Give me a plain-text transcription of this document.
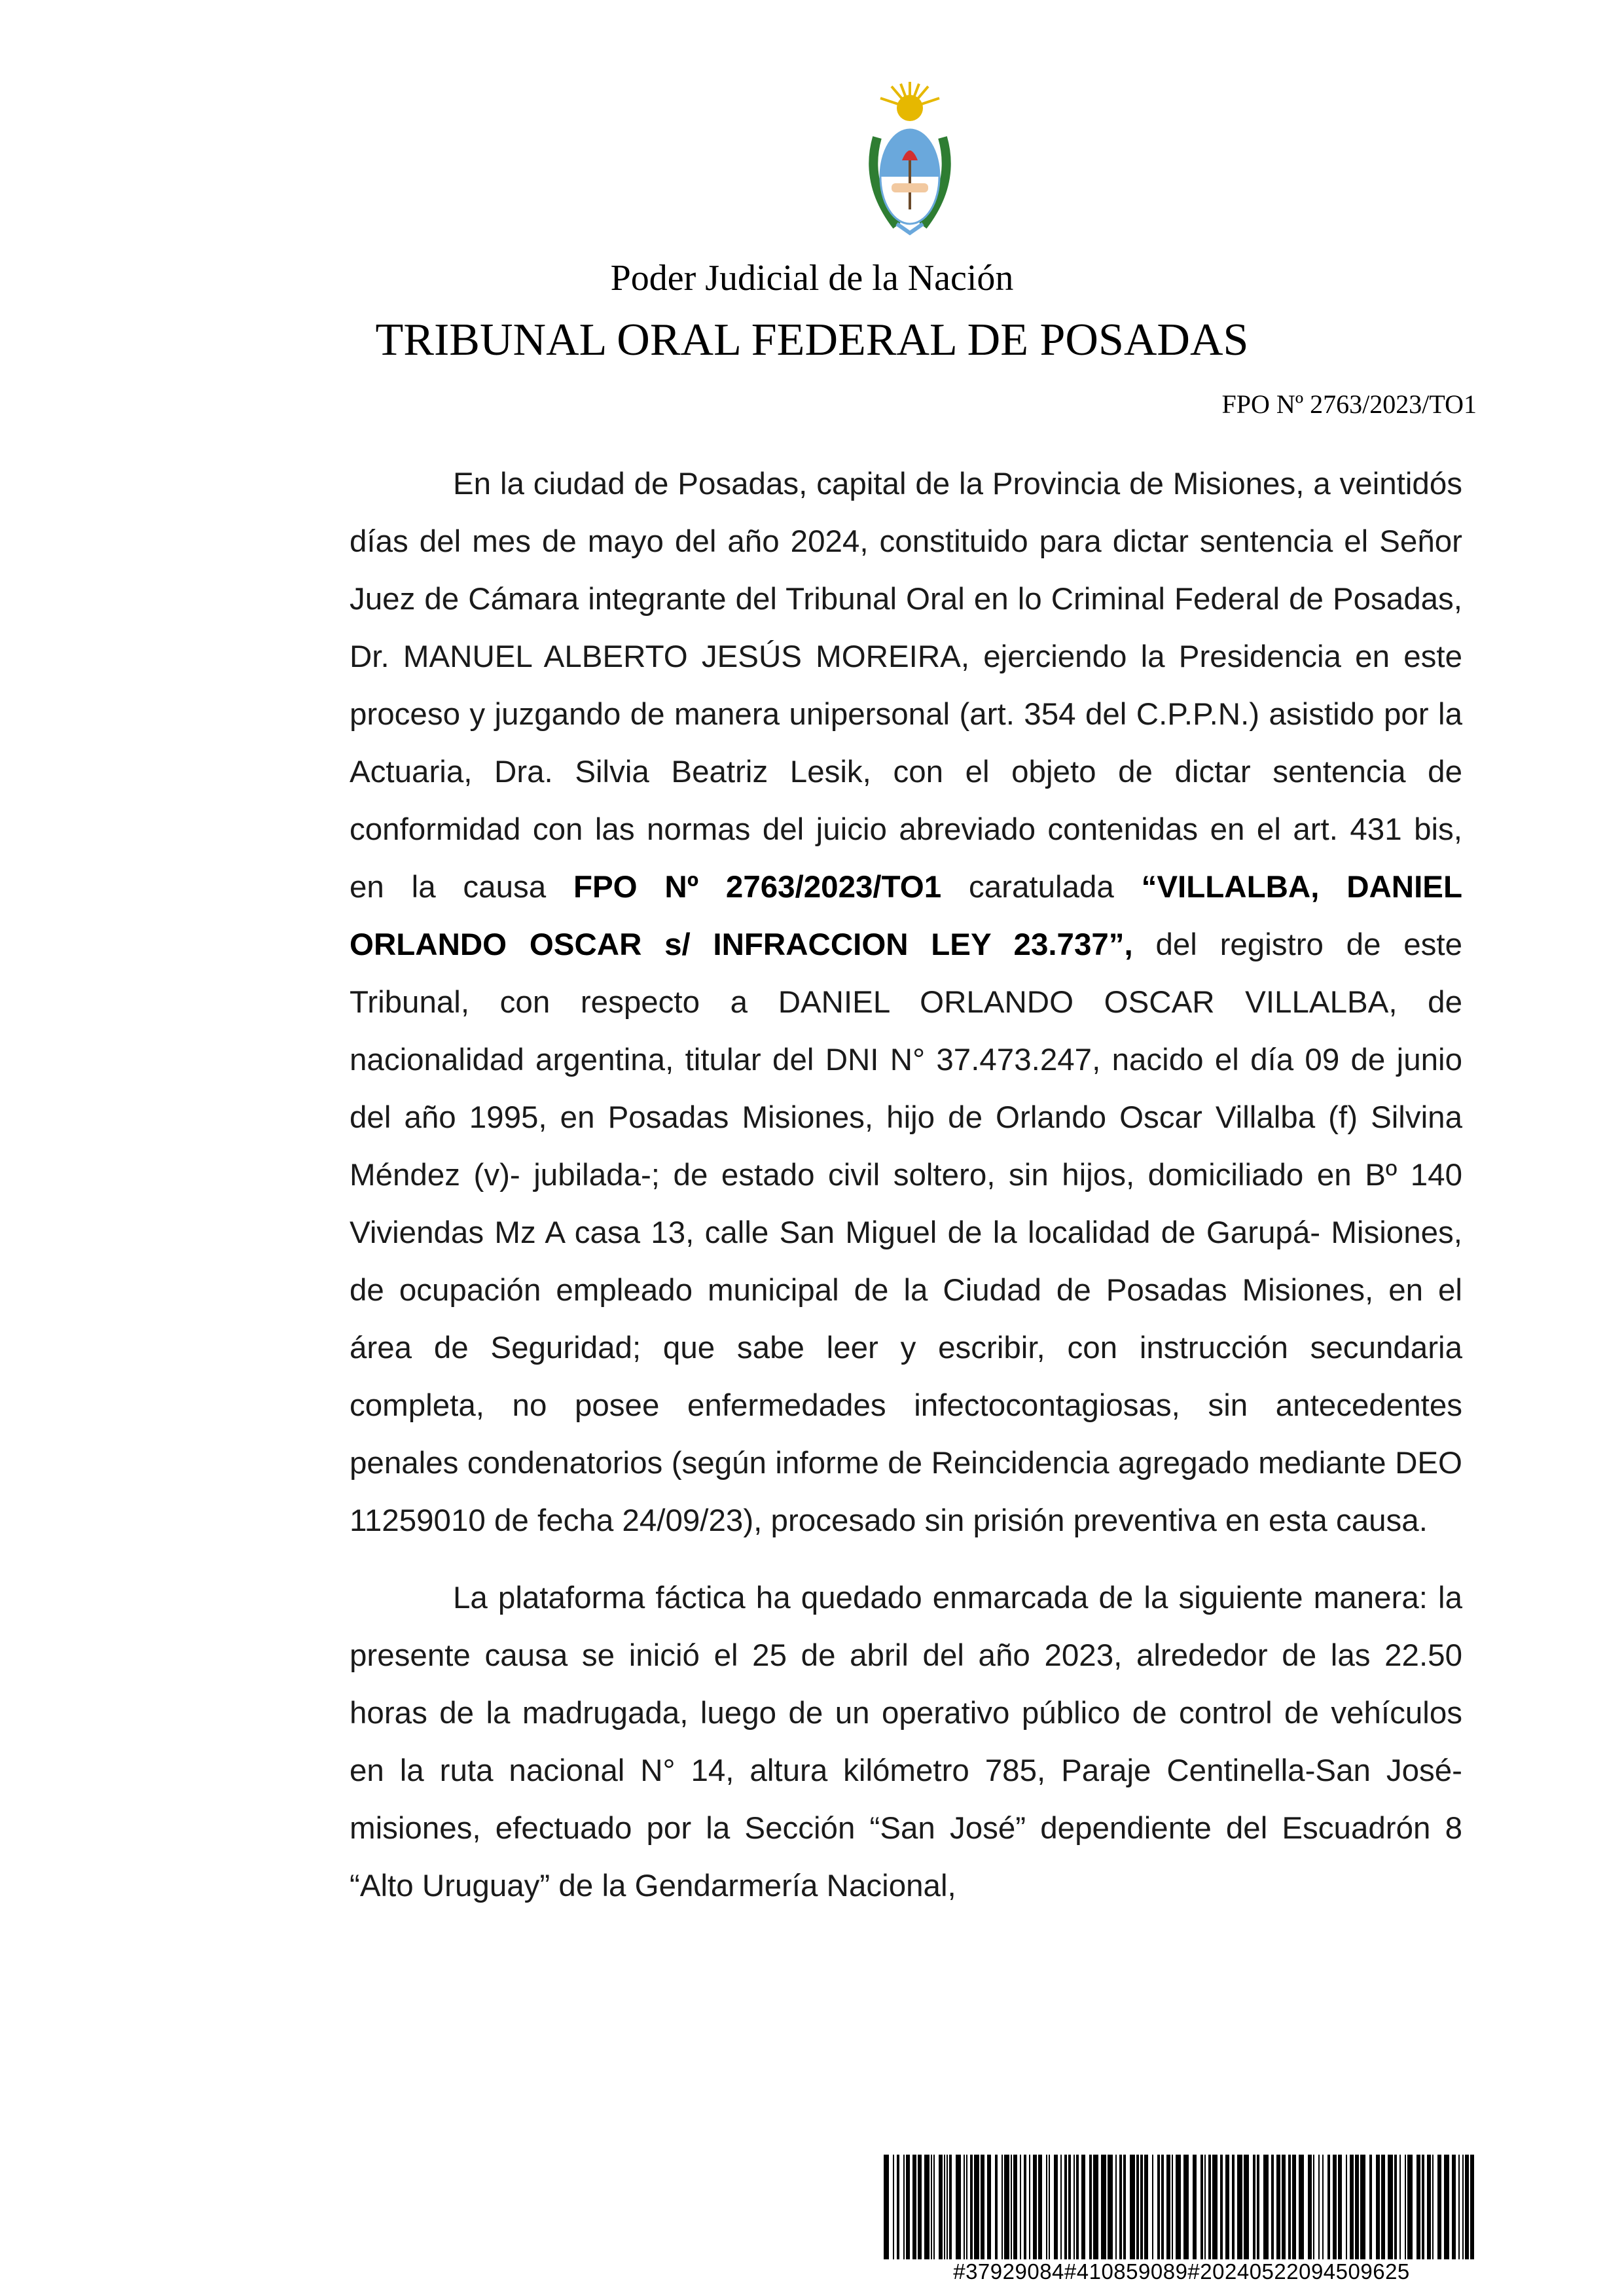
Poder Judicial de la Nación
TRIBUNAL ORAL FEDERAL DE POSADAS
FPO Nº 2763/2023/TO1

En la ciudad de Posadas, capital de la Provincia de Misiones, a veintidós días del mes de mayo del año 2024, constituido para dictar sentencia el Señor Juez de Cámara integrante del Tribunal Oral en lo Criminal Federal de Posadas, Dr. MANUEL ALBERTO JESÚS MOREIRA, ejerciendo la Presidencia en este proceso y juzgando de manera unipersonal (art. 354 del C.P.P.N.) asistido por la Actuaria, Dra. Silvia Beatriz Lesik, con el objeto de dictar sentencia de conformidad con las normas del juicio abreviado contenidas en el art. 431 bis, en la causa FPO Nº 2763/2023/TO1 caratulada “VILLALBA, DANIEL ORLANDO OSCAR s/ INFRACCION LEY 23.737”, del registro de este Tribunal, con respecto a DANIEL ORLANDO OSCAR VILLALBA, de nacionalidad argentina, titular del DNI N° 37.473.247, nacido el día 09 de junio del año 1995, en Posadas Misiones, hijo de Orlando Oscar Villalba (f) Silvina Méndez (v)- jubilada-; de estado civil soltero, sin hijos, domiciliado en Bº 140 Viviendas Mz A casa 13, calle San Miguel de la localidad de Garupá- Misiones, de ocupación empleado municipal de la Ciudad de Posadas Misiones, en el área de Seguridad; que sabe leer y escribir, con instrucción secundaria completa, no posee enfermedades infectocontagiosas, sin antecedentes penales condenatorios (según informe de Reincidencia agregado mediante DEO 11259010 de fecha 24/09/23), procesado sin prisión preventiva en esta causa.

La plataforma fáctica ha quedado enmarcada de la siguiente manera: la presente causa se inició el 25 de abril del año 2023, alrededor de las 22.50 horas de la madrugada, luego de un operativo público de control de vehículos en la ruta nacional N° 14, altura kilómetro 785, Paraje Centinella-San José-misiones, efectuado por la Sección “San José” dependiente del Escuadrón 8 “Alto Uruguay” de la Gendarmería Nacional,

#37929084#410859089#20240522094509625
